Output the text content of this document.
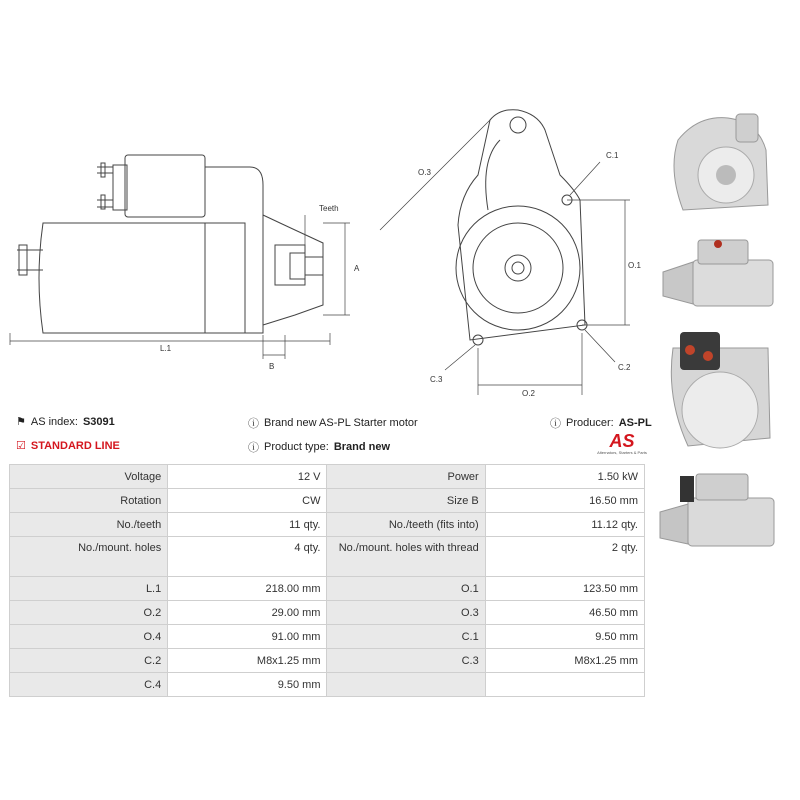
Teeth
A
B
L.1
O.3
C.1
O.1
C.2
C.3
O.2
⚑ AS index: S3091	ⓘ Brand new AS-PL Starter motor	ⓘ Producer: AS-PL
☑ STANDARD LINE	ⓘ Product type: Brand new	AS
Alternators, Starters & Parts
Voltage	12 V	Power	1.50 kW
Rotation	CW	Size B	16.50 mm
No./teeth	11 qty.	No./teeth (fits into)	11.12 qty.
No./mount. holes	4 qty.	No./mount. holes with thread	2 qty.
L.1	218.00 mm	O.1	123.50 mm
O.2	29.00 mm	O.3	46.50 mm
O.4	91.00 mm	C.1	9.50 mm
C.2	M8x1.25 mm	C.3	M8x1.25 mm
C.4	9.50 mm		
